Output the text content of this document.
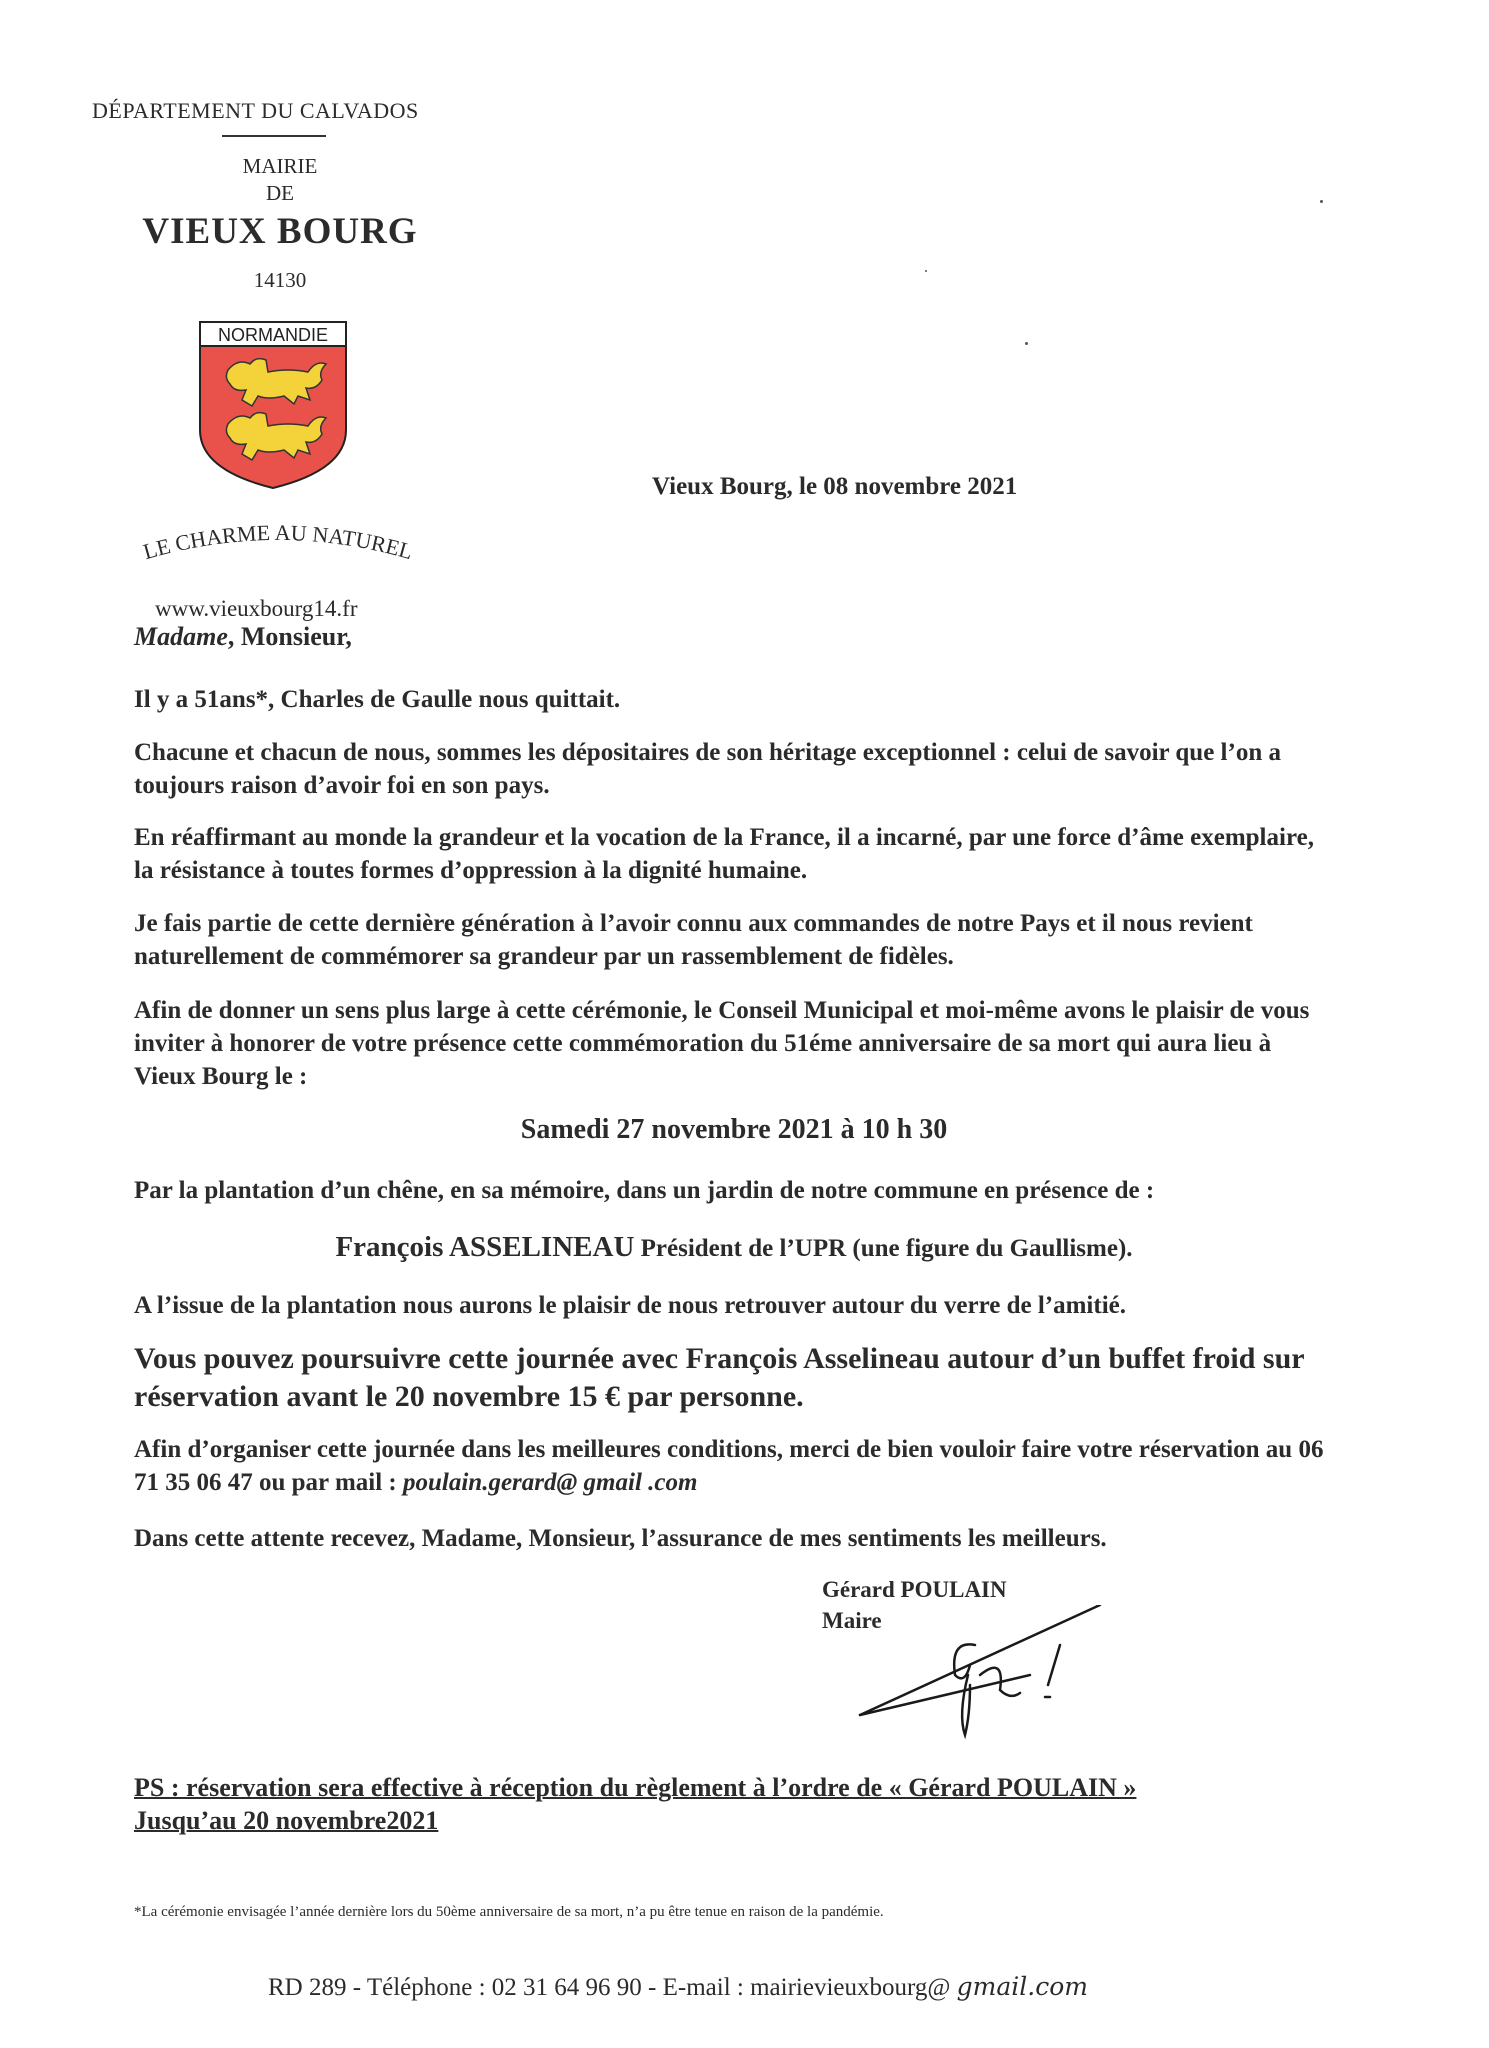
DÉPARTEMENT DU CALVADOS
MAIRIE
DE
VIEUX BOURG
14130
NORMANDIE
LE CHARME AU NATUREL
www.vieuxbourg14.fr
Vieux Bourg, le 08 novembre 2021
Madame, Monsieur,
Il y a 51ans*, Charles de Gaulle nous quittait.
Chacune et chacun de nous, sommes les dépositaires de son héritage exceptionnel : celui de savoir que l’on a toujours raison d’avoir foi en son pays.
En réaffirmant au monde la grandeur et la vocation de la France, il a incarné, par une force d’âme exemplaire, la résistance à toutes formes d’oppression à la dignité humaine.
Je fais partie de cette dernière génération à l’avoir connu aux commandes de notre Pays et il nous revient naturellement de commémorer sa grandeur par un rassemblement de fidèles.
Afin de donner un sens plus large à cette cérémonie, le Conseil Municipal et moi-même avons le plaisir de vous inviter à honorer de votre présence cette commémoration du 51éme anniversaire de sa mort qui aura lieu à Vieux Bourg le :
Samedi 27 novembre 2021 à 10 h 30
Par la plantation d’un chêne, en sa mémoire, dans un jardin de notre commune en présence de :
François ASSELINEAU Président de l’UPR (une figure du Gaullisme).
A l’issue de la plantation nous aurons le plaisir de nous retrouver autour du verre de l’amitié.
Vous pouvez poursuivre cette journée avec François Asselineau autour d’un buffet froid sur réservation avant le 20 novembre 15 € par personne.
Afin d’organiser cette journée dans les meilleures conditions, merci de bien vouloir faire votre réservation au 06 71 35 06 47 ou par mail : poulain.gerard@ gmail .com
Dans cette attente recevez, Madame, Monsieur, l’assurance de mes sentiments les meilleurs.
Gérard POULAIN
Maire
PS : réservation sera effective à réception du règlement à l’ordre de « Gérard POULAIN »
Jusqu’au 20 novembre2021
*La cérémonie envisagée l’année dernière lors du 50ème anniversaire de sa mort, n’a pu être tenue en raison de la pandémie.
RD 289 - Téléphone : 02 31 64 96 90 - E-mail : mairievieuxbourg@ gmail.com
